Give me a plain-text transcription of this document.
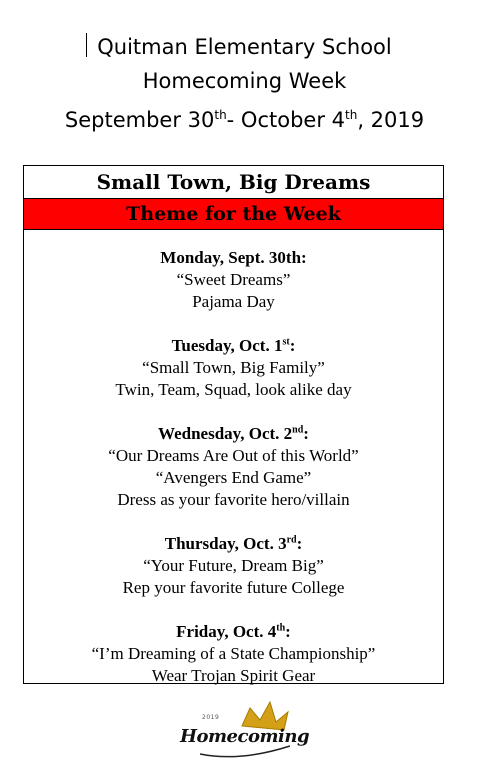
Quitman Elementary School
Homecoming Week
September 30th- October 4th, 2019
Small Town, Big Dreams
Theme for the Week
Monday, Sept. 30th:
“Sweet Dreams”
Pajama Day
Tuesday, Oct. 1st:
“Small Town, Big Family”
Twin, Team, Squad, look alike day
Wednesday, Oct. 2nd:
“Our Dreams Are Out of this World”
“Avengers End Game”
Dress as your favorite hero/villain
Thursday, Oct. 3rd:
“Your Future, Dream Big”
Rep your favorite future College
Friday, Oct. 4th:
“I’m Dreaming of a State Championship”
Wear Trojan Spirit Gear
2019
Homecoming
